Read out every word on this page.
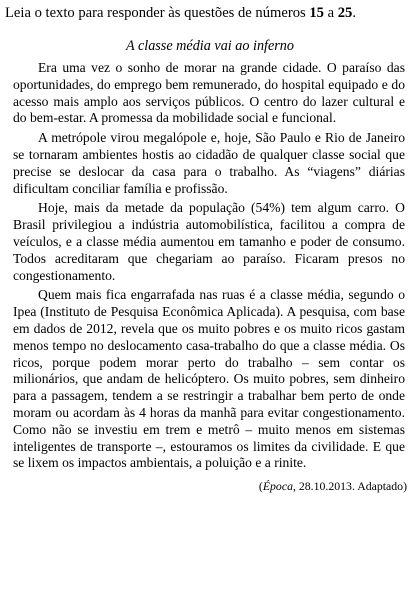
Leia o texto para responder às questões de números 15 a 25.
A classe média vai ao inferno

Era uma vez o sonho de morar na grande cidade. O paraíso das oportunidades, do emprego bem remunerado, do hospital equipado e do acesso mais amplo aos serviços públicos. O centro do lazer cultural e do bem-estar. A promessa da mobilidade social e funcional.

A metrópole virou megalópole e, hoje, São Paulo e Rio de Janeiro se tornaram ambientes hostis ao cidadão de qualquer classe social que precise se deslocar da casa para o trabalho. As “viagens” diárias dificultam conciliar família e profissão.

Hoje, mais da metade da população (54%) tem algum carro. O Brasil privilegiou a indústria automobilística, facilitou a compra de veículos, e a classe média aumentou em tamanho e poder de consumo. Todos acreditaram que chegariam ao paraíso. Ficaram presos no congestionamento.

Quem mais fica engarrafada nas ruas é a classe média, segundo o Ipea (Instituto de Pesquisa Econômica Aplicada). A pesquisa, com base em dados de 2012, revela que os muito pobres e os muito ricos gastam menos tempo no deslocamento casa-trabalho do que a classe média. Os ricos, porque podem morar perto do trabalho – sem contar os milionários, que andam de helicóptero. Os muito pobres, sem dinheiro para a passagem, tendem a se restringir a trabalhar bem perto de onde moram ou acordam às 4 horas da manhã para evitar congestionamento. Como não se investiu em trem e metrô – muito menos em sistemas inteligentes de transporte –, estouramos os limites da civilidade. E que se lixem os impactos ambientais, a poluição e a rinite.

(Época, 28.10.2013. Adaptado)
